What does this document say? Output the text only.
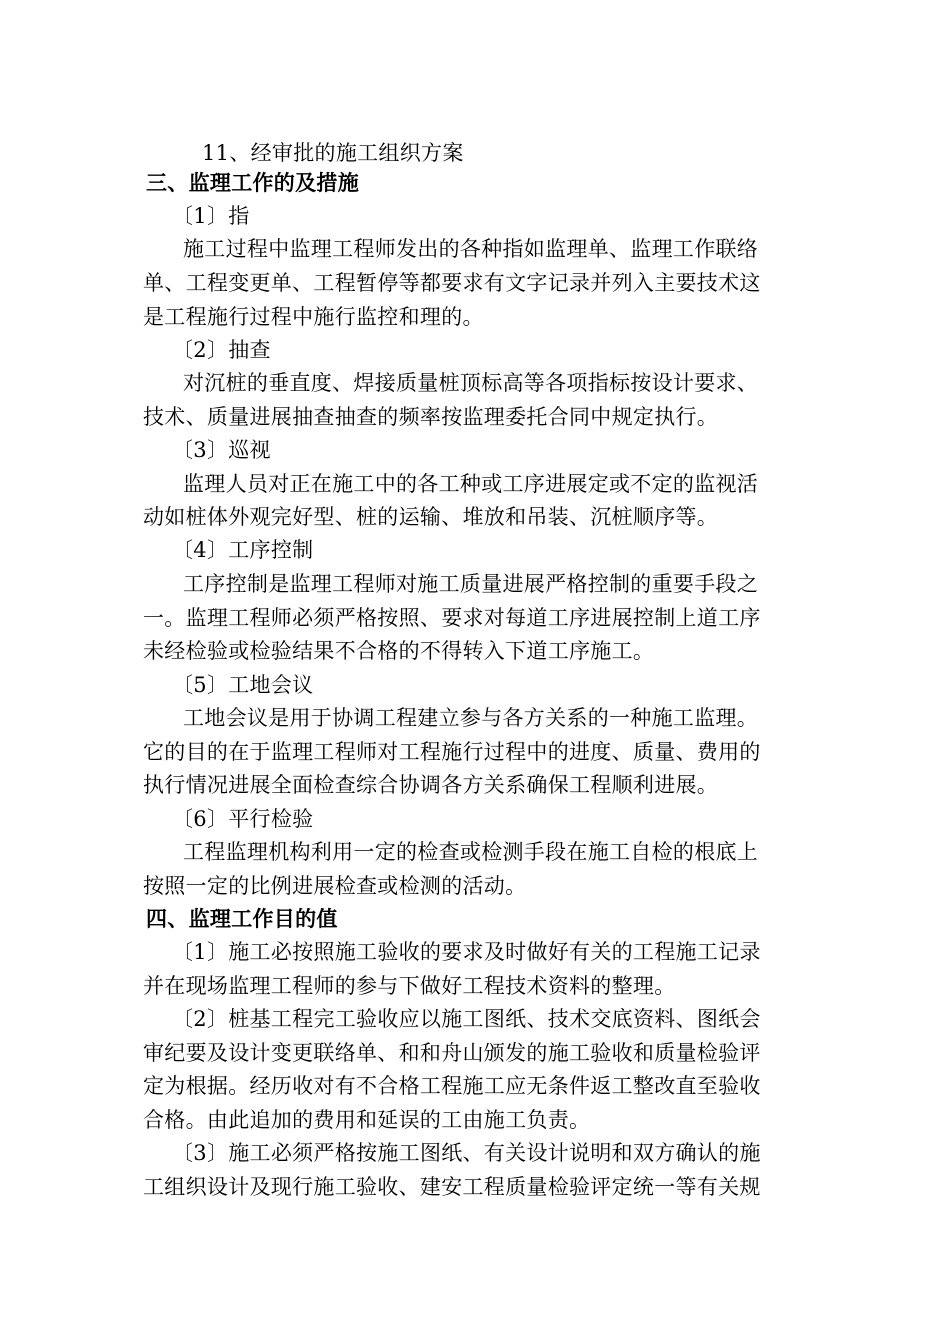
11、经审批的施工组织方案
三、监理工作的及措施
〔1〕指
施工过程中监理工程师发出的各种指如监理单、监理工作联络
单、工程变更单、工程暂停等都要求有文字记录并列入主要技术这
是工程施行过程中施行监控和理的。
〔2〕抽查
对沉桩的垂直度、焊接质量桩顶标高等各项指标按设计要求、
技术、质量进展抽查抽查的频率按监理委托合同中规定执行。
〔3〕巡视
监理人员对正在施工中的各工种或工序进展定或不定的监视活
动如桩体外观完好型、桩的运输、堆放和吊装、沉桩顺序等。
〔4〕工序控制
工序控制是监理工程师对施工质量进展严格控制的重要手段之
一。监理工程师必须严格按照、要求对每道工序进展控制上道工序
未经检验或检验结果不合格的不得转入下道工序施工。
〔5〕工地会议
工地会议是用于协调工程建立参与各方关系的一种施工监理。
它的目的在于监理工程师对工程施行过程中的进度、质量、费用的
执行情况进展全面检查综合协调各方关系确保工程顺利进展。
〔6〕平行检验
工程监理机构利用一定的检查或检测手段在施工自检的根底上
按照一定的比例进展检查或检测的活动。
四、监理工作目的值
〔1〕施工必按照施工验收的要求及时做好有关的工程施工记录
并在现场监理工程师的参与下做好工程技术资料的整理。
〔2〕桩基工程完工验收应以施工图纸、技术交底资料、图纸会
审纪要及设计变更联络单、和和舟山颁发的施工验收和质量检验评
定为根据。经历收对有不合格工程施工应无条件返工整改直至验收
合格。由此追加的费用和延误的工由施工负责。
〔3〕施工必须严格按施工图纸、有关设计说明和双方确认的施
工组织设计及现行施工验收、建安工程质量检验评定统一等有关规
